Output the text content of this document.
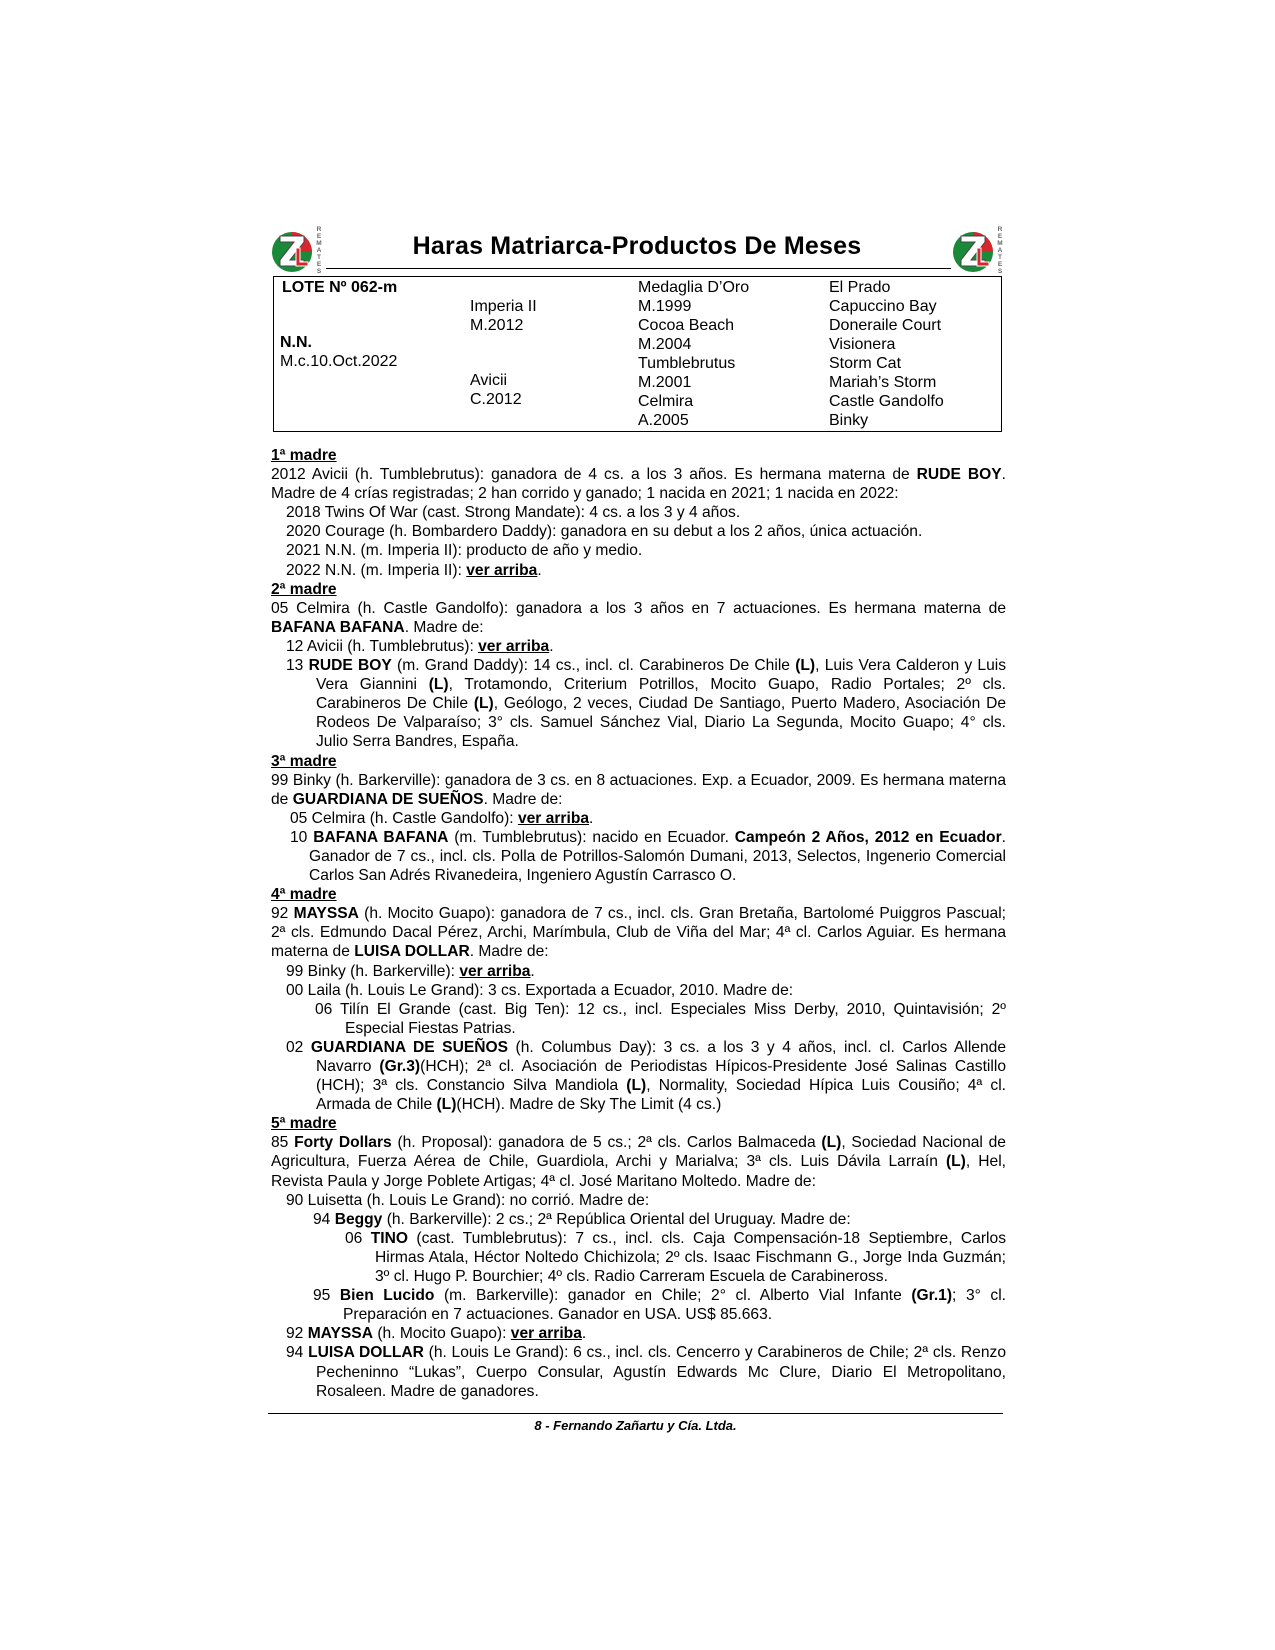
R
E
M
A
T
E
S
Haras Matriarca-Productos De Meses
R
E
M
A
T
E
S
LOTE Nº 062-m
N.N.
M.c.10.Oct.2022
Imperia II
M.2012
Avicii
C.2012
Medaglia D’Oro
M.1999
Cocoa Beach
M.2004
Tumblebrutus
M.2001
Celmira
A.2005
El Prado
Capuccino Bay
Doneraile Court
Visionera
Storm Cat
Mariah’s Storm
Castle Gandolfo
Binky

1ª madre

2012 Avicii (h. Tumblebrutus): ganadora de 4 cs. a los 3 años. Es hermana materna de RUDE BOY. Madre de 4 crías registradas; 2 han corrido y ganado; 1 nacida en 2021; 1 nacida en 2022:

2018 Twins Of War (cast. Strong Mandate): 4 cs. a los 3 y 4 años.

2020 Courage (h. Bombardero Daddy): ganadora en su debut a los 2 años, única actuación.

2021 N.N. (m. Imperia II): producto de año y medio.

2022 N.N. (m. Imperia II): ver arriba.

2ª madre

05 Celmira (h. Castle Gandolfo): ganadora a los 3 años en 7 actuaciones. Es hermana materna de BAFANA BAFANA. Madre de:

12 Avicii (h. Tumblebrutus): ver arriba.

13 RUDE BOY (m. Grand Daddy): 14 cs., incl. cl. Carabineros De Chile (L), Luis Vera Calderon y Luis Vera Giannini (L), Trotamondo, Criterium Potrillos, Mocito Guapo, Radio Portales; 2º cls. Carabineros De Chile (L), Geólogo, 2 veces, Ciudad De Santiago, Puerto Madero, Asociación De Rodeos De Valparaíso; 3° cls. Samuel Sánchez Vial, Diario La Segunda, Mocito Guapo; 4° cls. Julio Serra Bandres, España.

3ª madre

99 Binky (h. Barkerville): ganadora de 3 cs. en 8 actuaciones. Exp. a Ecuador, 2009. Es hermana materna de GUARDIANA DE SUEÑOS. Madre de:

05 Celmira (h. Castle Gandolfo): ver arriba.

10 BAFANA BAFANA (m. Tumblebrutus): nacido en Ecuador. Campeón 2 Años, 2012 en Ecuador. Ganador de 7 cs., incl. cls. Polla de Potrillos-Salomón Dumani, 2013, Selectos, Ingenerio Comercial Carlos San Adrés Rivanedeira, Ingeniero Agustín Carrasco O.

4ª madre

92 MAYSSA (h. Mocito Guapo): ganadora de 7 cs., incl. cls. Gran Bretaña, Bartolomé Puiggros Pascual; 2ª cls. Edmundo Dacal Pérez, Archi, Marímbula, Club de Viña del Mar; 4ª cl. Carlos Aguiar. Es hermana materna de LUISA DOLLAR. Madre de:

99 Binky (h. Barkerville): ver arriba.

00 Laila (h. Louis Le Grand): 3 cs. Exportada a Ecuador, 2010. Madre de:

06 Tilín El Grande (cast. Big Ten): 12 cs., incl. Especiales Miss Derby, 2010, Quintavisión; 2º Especial Fiestas Patrias.

02 GUARDIANA DE SUEÑOS (h. Columbus Day): 3 cs. a los 3 y 4 años, incl. cl. Carlos Allende Navarro (Gr.3)(HCH); 2ª cl. Asociación de Periodistas Hípicos-Presidente José Salinas Castillo (HCH); 3ª cls. Constancio Silva Mandiola (L), Normality, Sociedad Hípica Luis Cousiño; 4ª cl. Armada de Chile (L)(HCH). Madre de Sky The Limit (4 cs.)

5ª madre

85 Forty Dollars (h. Proposal): ganadora de 5 cs.; 2ª cls. Carlos Balmaceda (L), Sociedad Nacional de Agricultura, Fuerza Aérea de Chile, Guardiola, Archi y Marialva; 3ª cls. Luis Dávila Larraín (L), Hel, Revista Paula y Jorge Poblete Artigas; 4ª cl. José Maritano Moltedo. Madre de:

90 Luisetta (h. Louis Le Grand): no corrió. Madre de:

94 Beggy (h. Barkerville): 2 cs.; 2ª República Oriental del Uruguay. Madre de:

06 TINO (cast. Tumblebrutus): 7 cs., incl. cls. Caja Compensación-18 Septiembre, Carlos Hirmas Atala, Héctor Noltedo Chichizola; 2º cls. Isaac Fischmann G., Jorge Inda Guzmán; 3º cl. Hugo P. Bourchier; 4º cls. Radio Carreram Escuela de Carabineross.

95 Bien Lucido (m. Barkerville): ganador en Chile; 2° cl. Alberto Vial Infante (Gr.1); 3° cl. Preparación en 7 actuaciones. Ganador en USA. US$ 85.663.

92 MAYSSA (h. Mocito Guapo): ver arriba.

94 LUISA DOLLAR (h. Louis Le Grand): 6 cs., incl. cls. Cencerro y Carabineros de Chile; 2ª cls. Renzo Pecheninno “Lukas”, Cuerpo Consular, Agustín Edwards Mc Clure, Diario El Metropolitano, Rosaleen. Madre de ganadores.

8 - Fernando Zañartu y Cía. Ltda.
